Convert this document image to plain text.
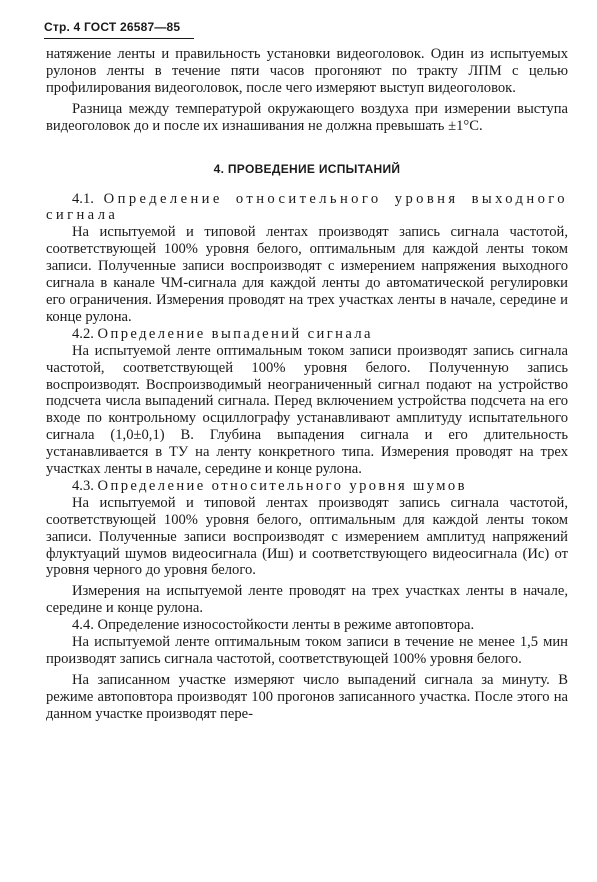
Стр. 4 ГОСТ 26587—85

натяжение ленты и правильность установки видеоголовок. Один из испытуемых рулонов ленты в течение пяти часов прогоняют по тракту ЛПМ с целью профилирования видеоголовок, после чего измеряют выступ видеоголовок.

Разница между температурой окружающего воздуха при измерении выступа видеоголовок до и после их изнашивания не должна превышать ±1°С.

4. ПРОВЕДЕНИЕ ИСПЫТАНИЙ

4.1. Определение относительного уровня выходного сигнала

На испытуемой и типовой лентах производят запись сигнала частотой, соответствующей 100% уровня белого, оптимальным для каждой ленты током записи. Полученные записи воспроизводят с измерением напряжения выходного сигнала в канале ЧМ-сигнала для каждой ленты до автоматической регулировки его ограничения. Измерения проводят на трех участках ленты в начале, середине и конце рулона.

4.2. Определение выпадений сигнала

На испытуемой ленте оптимальным током записи производят запись сигнала частотой, соответствующей 100% уровня белого. Полученную запись воспроизводят. Воспроизводимый неограниченный сигнал подают на устройство подсчета числа выпадений сигнала. Перед включением устройства подсчета на его входе по контрольному осциллографу устанавливают амплитуду испытательного сигнала (1,0±0,1) В. Глубина выпадения сигнала и его длительность устанавливается в ТУ на ленту конкретного типа. Измерения проводят на трех участках ленты в начале, середине и конце рулона.

4.3. Определение относительного уровня шумов

На испытуемой и типовой лентах производят запись сигнала частотой, соответствующей 100% уровня белого, оптимальным для каждой ленты током записи. Полученные записи воспроизводят с измерением амплитуд напряжений флуктуаций шумов видеосигнала (Иш) и соответствующего видеосигнала (Ис) от уровня черного до уровня белого.

Измерения на испытуемой ленте проводят на трех участках ленты в начале, середине и конце рулона.

4.4. Определение износостойкости ленты в режиме автоповтора.

На испытуемой ленте оптимальным током записи в течение не менее 1,5 мин производят запись сигнала частотой, соответствующей 100% уровня белого.

На записанном участке измеряют число выпадений сигнала за минуту. В режиме автоповтора производят 100 прогонов записанного участка. После этого на данном участке производят пере-
